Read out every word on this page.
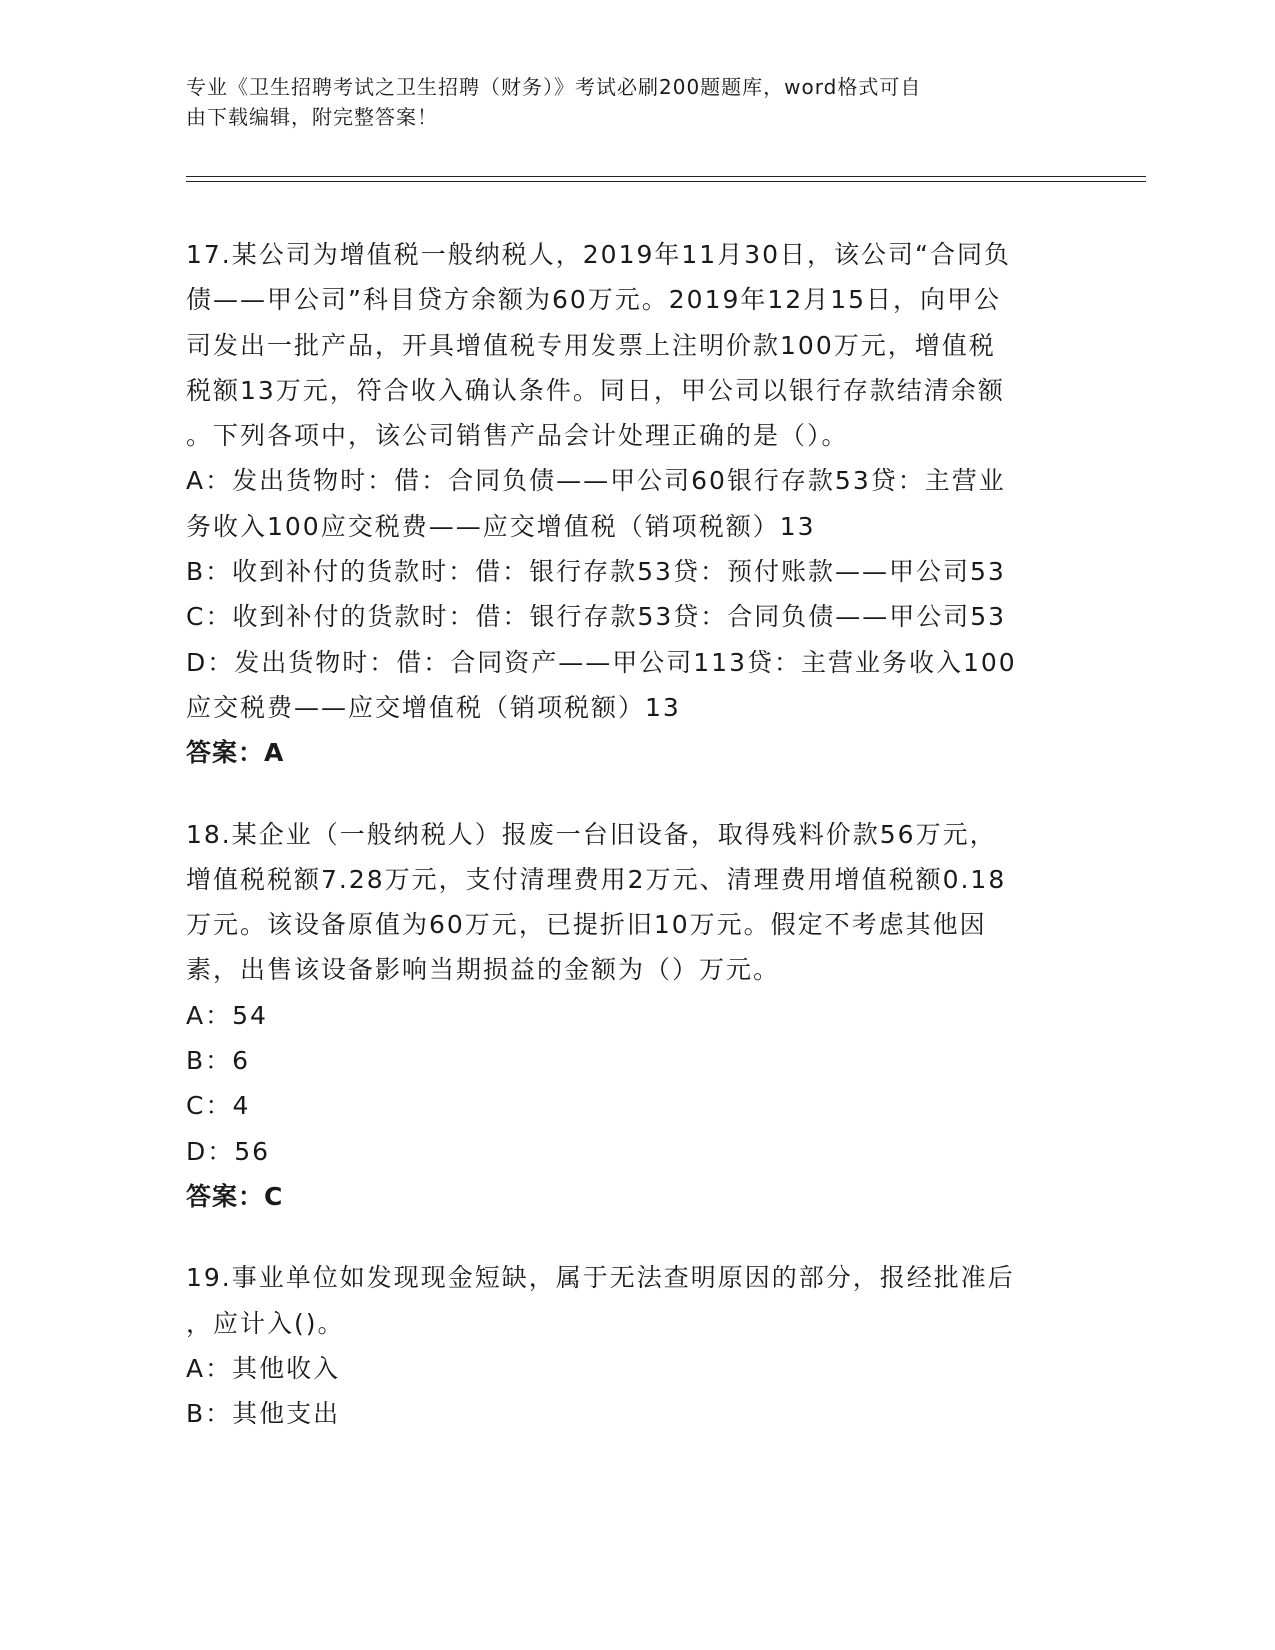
专业《卫生招聘考试之卫生招聘（财务）》考试必刷200题题库，word格式可自
由下载编辑，附完整答案！
17.某公司为增值税一般纳税人，2019年11月30日，该公司“合同负
债——甲公司”科目贷方余额为60万元。2019年12月15日，向甲公
司发出一批产品，开具增值税专用发票上注明价款100万元，增值税
税额13万元，符合收入确认条件。同日，甲公司以银行存款结清余额
。下列各项中，该公司销售产品会计处理正确的是（）。
A：发出货物时：借：合同负债——甲公司60银行存款53贷：主营业
务收入100应交税费——应交增值税（销项税额）13
B：收到补付的货款时：借：银行存款53贷：预付账款——甲公司53
C：收到补付的货款时：借：银行存款53贷：合同负债——甲公司53
D：发出货物时：借：合同资产——甲公司113贷：主营业务收入100
应交税费——应交增值税（销项税额）13
答案：A
18.某企业（一般纳税人）报废一台旧设备，取得残料价款56万元，
增值税税额7.28万元，支付清理费用2万元、清理费用增值税额0.18
万元。该设备原值为60万元，已提折旧10万元。假定不考虑其他因
素，出售该设备影响当期损益的金额为（）万元。
A：54
B：6
C：4
D：56
答案：C
19.事业单位如发现现金短缺，属于无法查明原因的部分，报经批准后
，应计入()。
A：其他收入
B：其他支出
